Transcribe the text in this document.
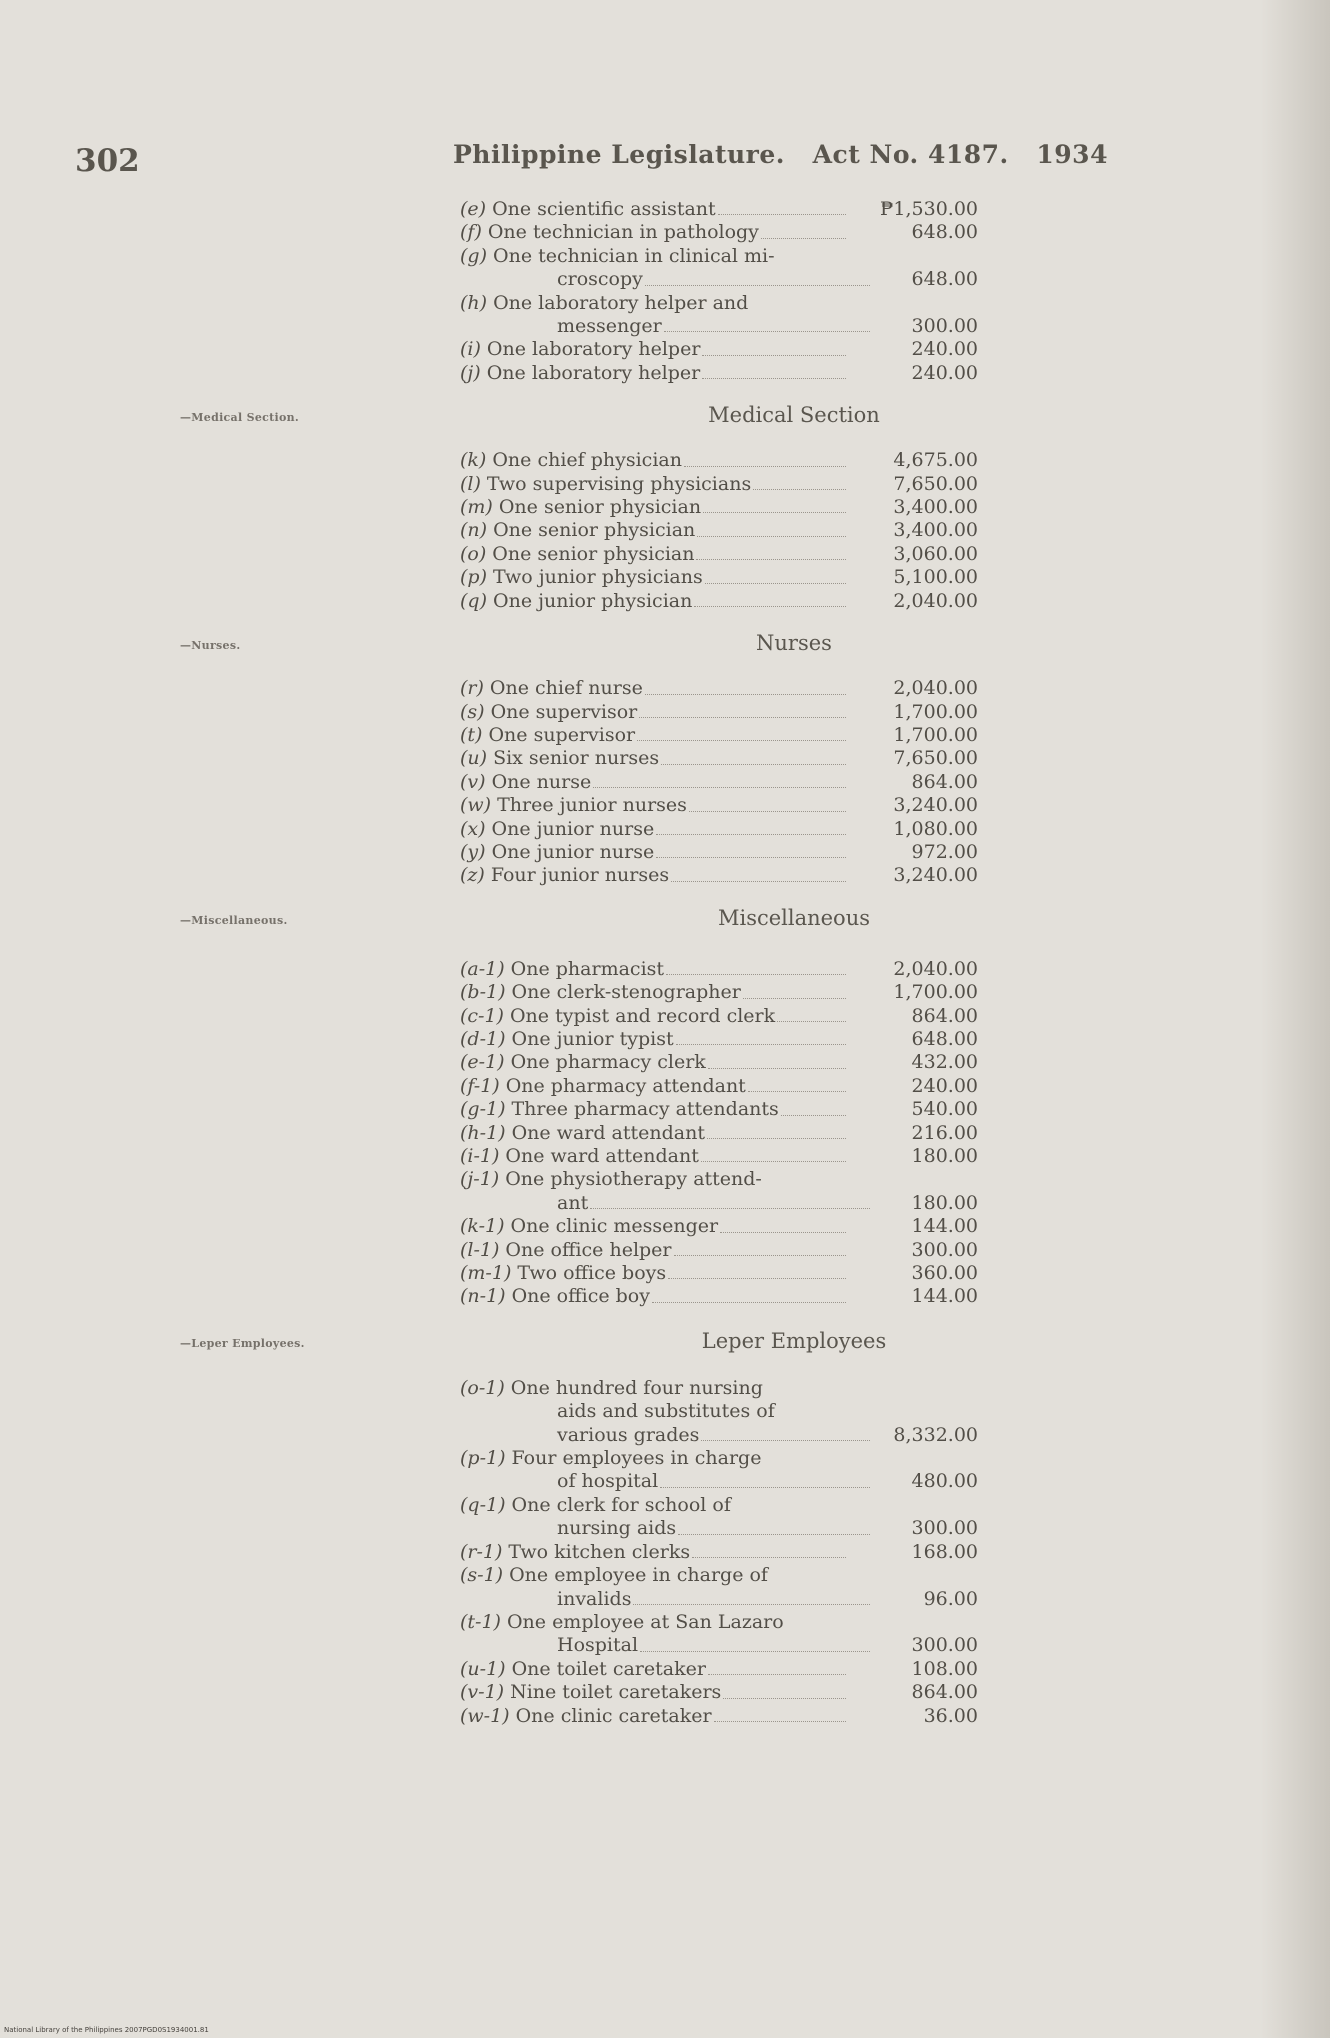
302	Philippine Legislature. Act No. 4187. 1934
(e) One scientific assistant	₱1,530.00
(f) One technician in pathology	648.00
(g) One technician in clinical mi-
croscopy	648.00
(h) One laboratory helper and
messenger	300.00
(i) One laboratory helper	240.00
(j) One laboratory helper	240.00
Medical Section
(k) One chief physician	4,675.00
(l) Two supervising physicians	7,650.00
(m) One senior physician	3,400.00
(n) One senior physician	3,400.00
(o) One senior physician	3,060.00
(p) Two junior physicians	5,100.00
(q) One junior physician	2,040.00
Nurses
(r) One chief nurse	2,040.00
(s) One supervisor	1,700.00
(t) One supervisor	1,700.00
(u) Six senior nurses	7,650.00
(v) One nurse	864.00
(w) Three junior nurses	3,240.00
(x) One junior nurse	1,080.00
(y) One junior nurse	972.00
(z) Four junior nurses	3,240.00
Miscellaneous
(a-1) One pharmacist	2,040.00
(b-1) One clerk-stenographer	1,700.00
(c-1) One typist and record clerk	864.00
(d-1) One junior typist	648.00
(e-1) One pharmacy clerk	432.00
(f-1) One pharmacy attendant	240.00
(g-1) Three pharmacy attendants	540.00
(h-1) One ward attendant	216.00
(i-1) One ward attendant	180.00
(j-1) One physiotherapy attend-
ant	180.00
(k-1) One clinic messenger	144.00
(l-1) One office helper	300.00
(m-1) Two office boys	360.00
(n-1) One office boy	144.00
Leper Employees
(o-1) One hundred four nursing
aids and substitutes of
various grades	8,332.00
(p-1) Four employees in charge
of hospital	480.00
(q-1) One clerk for school of
nursing aids	300.00
(r-1) Two kitchen clerks	168.00
(s-1) One employee in charge of
invalids	96.00
(t-1) One employee at San Lazaro
Hospital	300.00
(u-1) One toilet caretaker	108.00
(v-1) Nine toilet caretakers	864.00
(w-1) One clinic caretaker	36.00
National Library of the Philippines 2007PGD0S1934001.81
—Medical Section.
—Nurses.
—Miscellaneous.
—Leper Employees.
